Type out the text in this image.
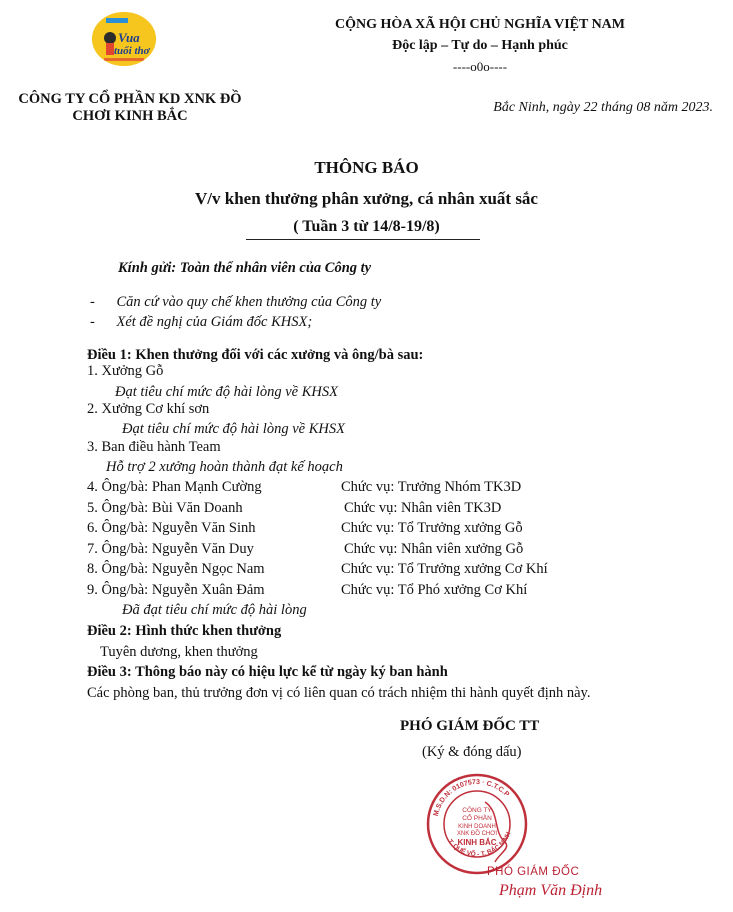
Vua
tuổi thơ
CÔNG TY CỔ PHẦN KD XNK ĐỒ
CHƠI KINH BẮC
CỘNG HÒA XÃ HỘI CHỦ NGHĨA VIỆT NAM
Độc lập – Tự do – Hạnh phúc
----o0o----
Bắc Ninh, ngày 22 tháng 08 năm 2023.
THÔNG BÁO
V/v khen thưởng phân xưởng, cá nhân xuất sắc
( Tuần 3 từ 14/8-19/8)
Kính gửi: Toàn thể nhân viên của Công ty
- Căn cứ vào quy chế khen thưởng của Công ty
- Xét đề nghị của Giám đốc KHSX;
Điều 1: Khen thưởng đối với các xưởng và ông/bà sau:
1. Xưởng Gỗ
Đạt tiêu chí mức độ hài lòng về KHSX
2. Xưởng Cơ khí sơn
Đạt tiêu chí mức độ hài lòng về KHSX
3. Ban điều hành Team
Hỗ trợ 2 xưởng hoàn thành đạt kế hoạch
4. Ông/bà: Phan Mạnh Cường	Chức vụ: Trưởng Nhóm TK3D
5. Ông/bà: Bùi Văn Doanh	Chức vụ: Nhân viên TK3D
6. Ông/bà: Nguyễn Văn Sinh	Chức vụ: Tổ Trưởng xưởng Gỗ
7. Ông/bà: Nguyễn Văn Duy	Chức vụ: Nhân viên xưởng Gỗ
8. Ông/bà: Nguyễn Ngọc Nam	Chức vụ: Tổ Trưởng xưởng Cơ Khí
9. Ông/bà: Nguyễn Xuân Đảm	Chức vụ: Tổ Phó xưởng Cơ Khí
Đã đạt tiêu chí mức độ hài lòng
Điều 2: Hình thức khen thưởng
Tuyên dương, khen thưởng
Điều 3: Thông báo này có hiệu lực kể từ ngày ký ban hành
Các phòng ban, thủ trưởng đơn vị có liên quan có trách nhiệm thi hành quyết định này.
PHÓ GIÁM ĐỐC TT
(Ký & đóng dấu)
M.S.D.N: 0107573 · C.T.C.P
T. QUẾ VÕ - T. BẮC NINH
CÔNG TY
CỔ PHẦN
KINH DOANH
XNK ĐỒ CHƠI
KINH BẮC
PHÓ GIÁM ĐỐC
Phạm Văn Định
